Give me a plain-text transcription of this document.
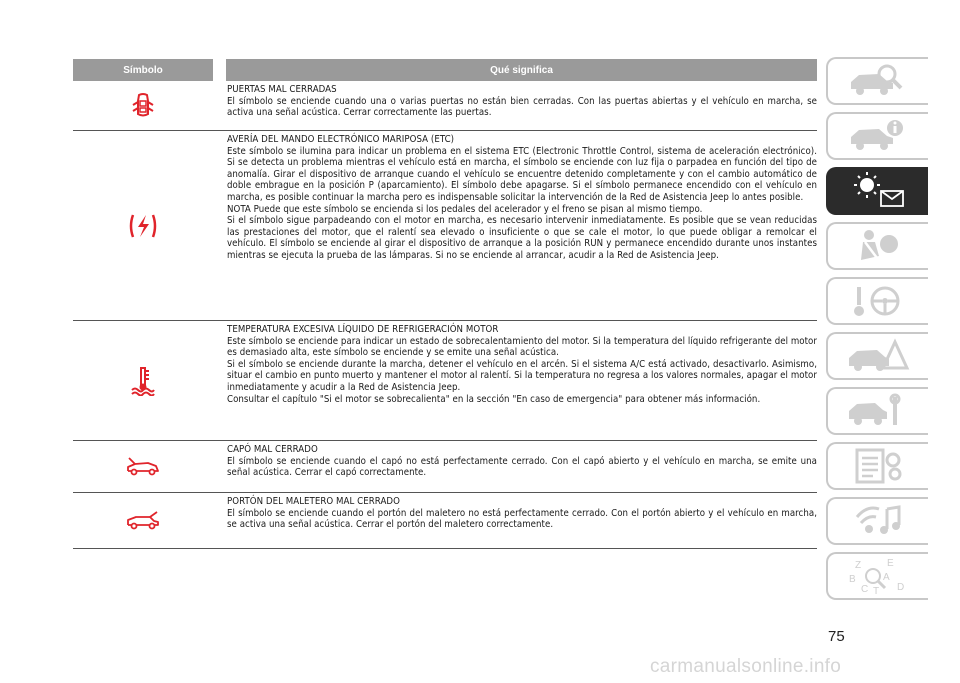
Símbolo	Qué significa
PUERTAS MAL CERRADAS

El símbolo se enciende cuando una o varias puertas no están bien cerradas. Con las puertas abiertas y el vehículo en marcha, se activa una señal acústica. Cerrar correctamente las puertas.

AVERÍA DEL MANDO ELECTRÓNICO MARIPOSA (ETC)

Este símbolo se ilumina para indicar un problema en el sistema ETC (Electronic Throttle Control, sistema de aceleración electrónico). Si se detecta un problema mientras el vehículo está en marcha, el símbolo se enciende con luz fija o parpadea en función del tipo de anomalía. Girar el dispositivo de arranque cuando el vehículo se encuentre detenido completamente y con el cambio automático de doble embrague en la posición P (aparcamiento). El símbolo debe apagarse. Si el símbolo permanece encendido con el vehículo en marcha, es posible continuar la marcha pero es indispensable solicitar la intervención de la Red de Asistencia Jeep lo antes posible.

NOTA Puede que este símbolo se encienda si los pedales del acelerador y el freno se pisan al mismo tiempo.

Si el símbolo sigue parpadeando con el motor en marcha, es necesario intervenir inmediatamente. Es posible que se vean reducidas las prestaciones del motor, que el ralentí sea elevado o insuficiente o que se cale el motor, lo que puede obligar a remolcar el vehículo. El símbolo se enciende al girar el dispositivo de arranque a la posición RUN y permanece encendido durante unos instantes mientras se ejecuta la prueba de las lámparas. Si no se enciende al arrancar, acudir a la Red de Asistencia Jeep.

TEMPERATURA EXCESIVA LÍQUIDO DE REFRIGERACIÓN MOTOR

Este símbolo se enciende para indicar un estado de sobrecalentamiento del motor. Si la temperatura del líquido refrigerante del motor es demasiado alta, este símbolo se enciende y se emite una señal acústica.

Si el símbolo se enciende durante la marcha, detener el vehículo en el arcén. Si el sistema A/C está activado, desactivarlo. Asimismo, situar el cambio en punto muerto y mantener el motor al ralentí. Si la temperatura no regresa a los valores normales, apagar el motor inmediatamente y acudir a la Red de Asistencia Jeep.

Consultar el capítulo "Si el motor se sobrecalienta" en la sección "En caso de emergencia" para obtener más información.

CAPÓ MAL CERRADO

El símbolo se enciende cuando el capó no está perfectamente cerrado. Con el capó abierto y el vehículo en marcha, se emite una señal acústica. Cerrar el capó correctamente.

PORTÓN DEL MALETERO MAL CERRADO

El símbolo se enciende cuando el portón del maletero no está perfectamente cerrado. Con el portón abierto y el vehículo en marcha, se activa una señal acústica. Cerrar el portón del maletero correctamente.

Z	E
B	A
C T D
75
carmanualsonline.info
